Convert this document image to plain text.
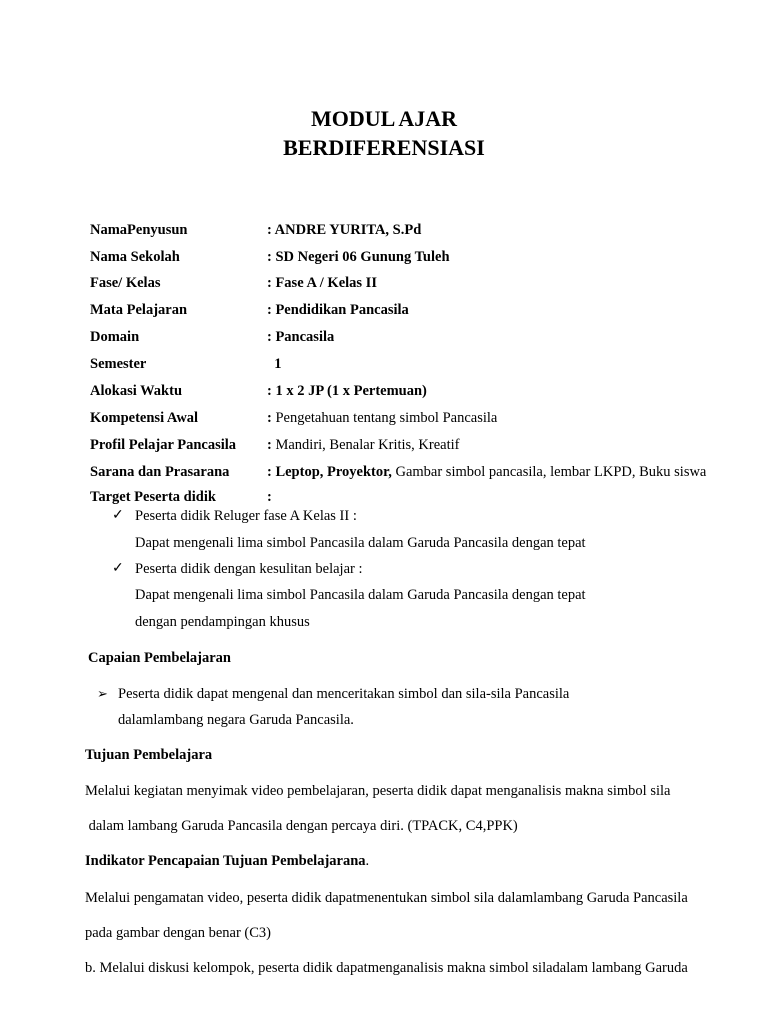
MODUL AJAR
BERDIFERENSIASI
NamaPenyusun	: ANDRE YURITA, S.Pd
Nama Sekolah	: SD Negeri 06 Gunung Tuleh
Fase/ Kelas	: Fase A / Kelas II
Mata Pelajaran	: Pendidikan Pancasila
Domain	: Pancasila
Semester	1
Alokasi Waktu	: 1 x 2 JP (1 x Pertemuan)
Kompetensi Awal	: Pengetahuan tentang simbol Pancasila
Profil Pelajar Pancasila : Mandiri, Benalar Kritis, Kreatif
Sarana dan Prasarana	: Leptop, Proyektor, Gambar simbol pancasila, lembar LKPD, Buku siswa
Target Peserta didik	:
✓ Peserta didik Reluger fase A Kelas II :
Dapat mengenali lima simbol Pancasila dalam Garuda Pancasila dengan tepat
✓ Peserta didik dengan kesulitan belajar :
Dapat mengenali lima simbol Pancasila dalam Garuda Pancasila dengan tepat
dengan pendampingan khusus
Capaian Pembelajaran
➢ Peserta didik dapat mengenal dan menceritakan simbol dan sila-sila Pancasila
dalamlambang negara Garuda Pancasila.
Tujuan Pembelajara
Melalui kegiatan menyimak video pembelajaran, peserta didik dapat menganalisis makna simbol sila
dalam lambang Garuda Pancasila dengan percaya diri. (TPACK, C4,PPK)
Indikator Pencapaian Tujuan Pembelajarana.
Melalui pengamatan video, peserta didik dapatmenentukan simbol sila dalamlambang Garuda Pancasila
pada gambar dengan benar (C3)
b. Melalui diskusi kelompok, peserta didik dapatmenganalisis makna simbol siladalam lambang Garuda
